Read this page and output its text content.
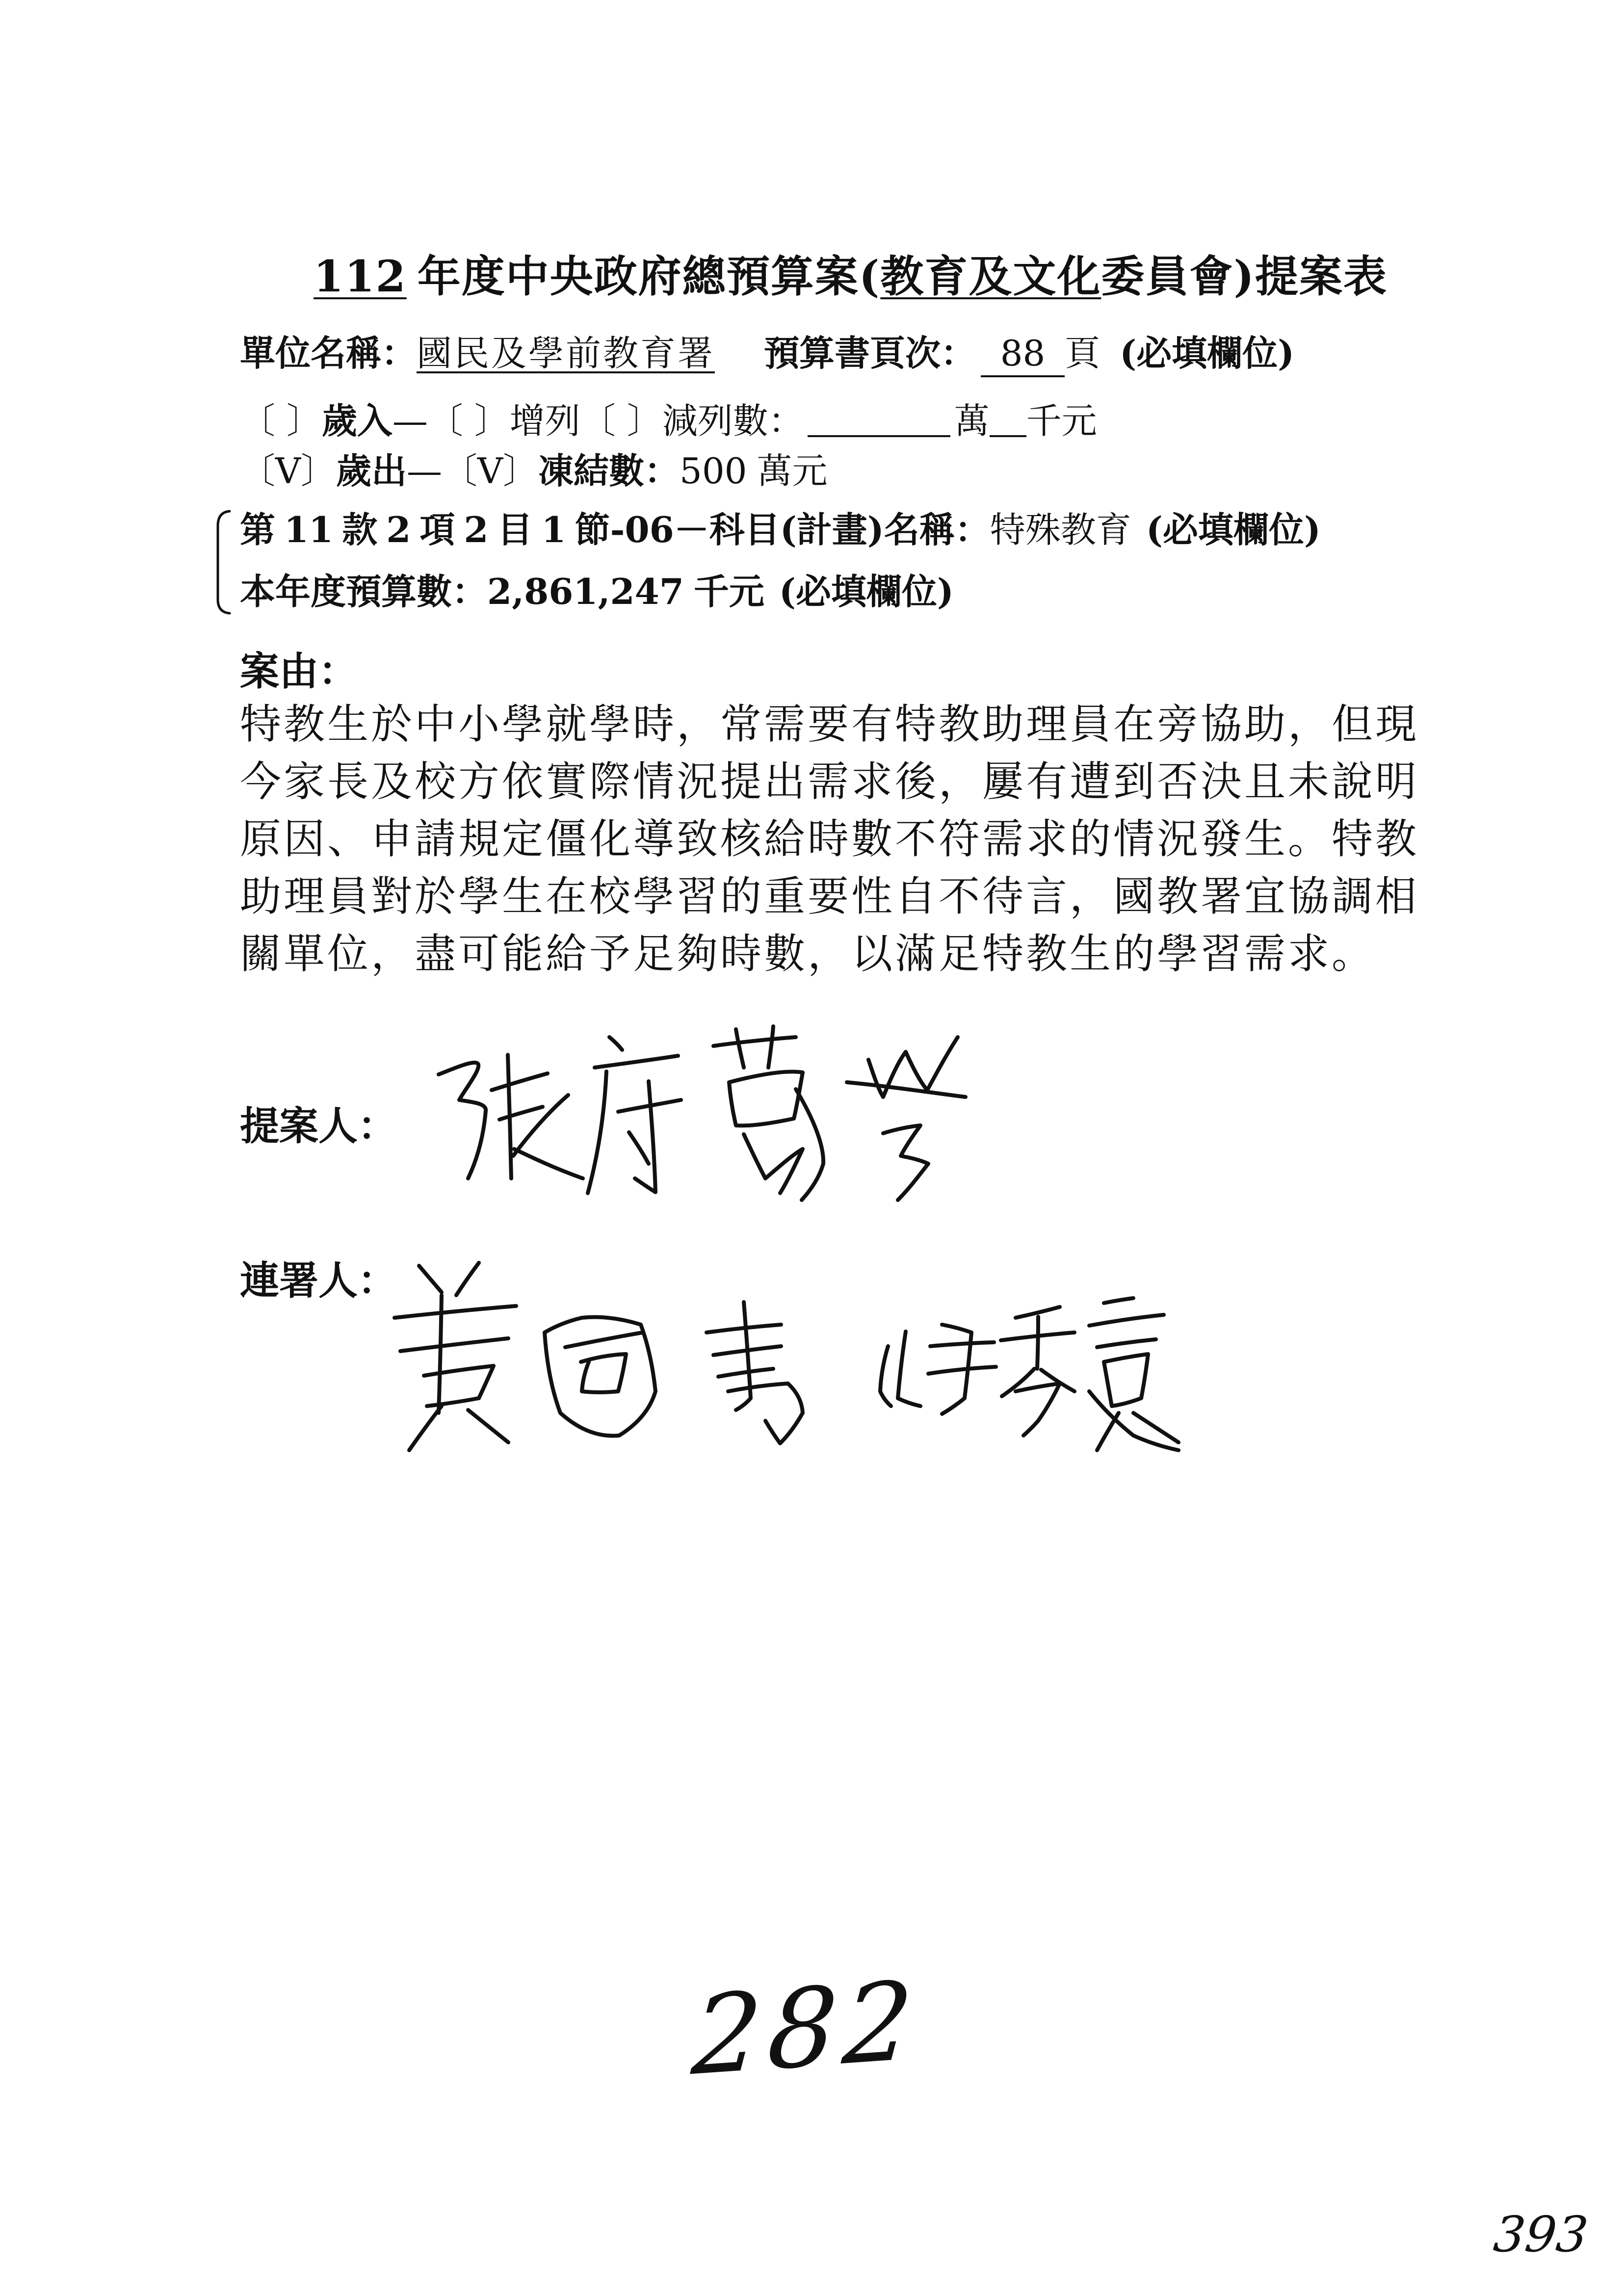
112 年度中央政府總預算案( 教育及文化 委員會)提案表
單位名稱： 國民及學前教育署 預算書頁次： 88 頁 (必填欄位)
〔 〕 歲入 — 〔 〕 增列 〔 〕 減列數：	萬 千元
〔V〕 歲出 — 〔V〕 凍結數： 500 萬元
第 11 款 2 項 2 目 1 節 - 06 －科目(計畫)名稱： 特殊教育 (必填欄位)
本年度預算數： 2,861,247 千元 (必填欄位)
案由：
特教生於中小學就學時，常需要有特教助理員在旁協助，但現
今家長及校方依實際情況提出需求後，屢有遭到否決且未說明
原因、申請規定僵化導致核給時數不符需求的情況發生。特教
助理員對於學生在校學習的重要性自不待言，國教署宜協調相
關單位，盡可能給予足夠時數，以滿足特教生的學習需求。
提案人：
連署人：
282
393
